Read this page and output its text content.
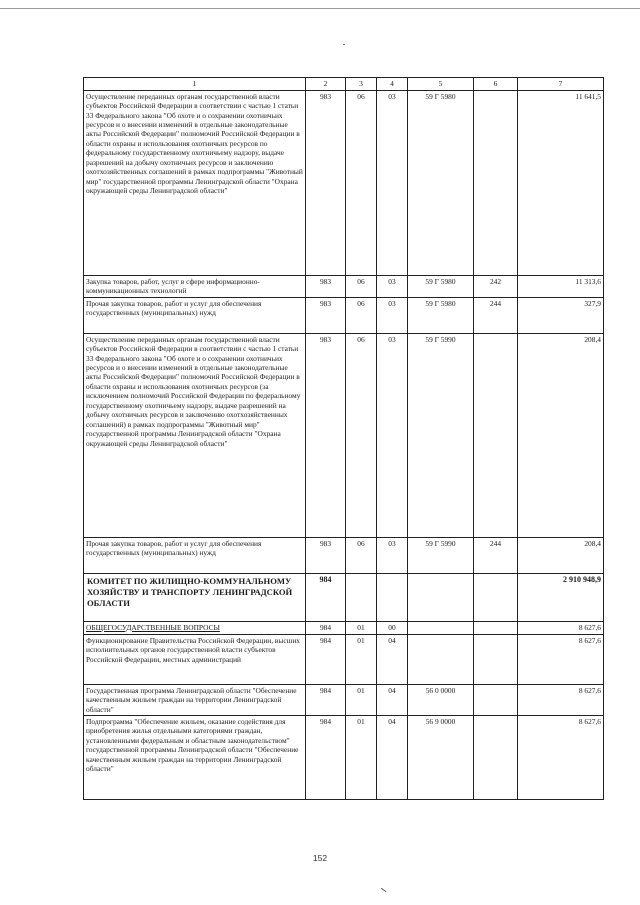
1	2	3	4	5	6	7
Осуществление переданных органам государственной власти субъектов Российской Федерации в соответствии с частью 1 статьи 33 Федерального закона "Об охоте и о сохранении охотничьих ресурсов и о внесении изменений в отдельные законодательные акты Российской Федерации" полномочий Российской Федерации в области охраны и использования охотничьих ресурсов по федеральному государственному охотничьему надзору, выдаче разрешений на добычу охотничьих ресурсов и заключению охотхозяйственных соглашений в рамках подпрограммы "Животный мир" государственной программы Ленинградской области "Охрана окружающей среды Ленинградской области"	983	06	03	59 Г 5980		11 641,5
Закупка товаров, работ, услуг в сфере информационно-коммуникационных технологий	983	06	03	59 Г 5980	242	11 313,6
Прочая закупка товаров, работ и услуг для обеспечения государственных (муниципальных) нужд	983	06	03	59 Г 5980	244	327,9
Осуществление переданных органам государственной власти субъектов Российской Федерации в соответствии с частью 1 статьи 33 Федерального закона "Об охоте и о сохранении охотничьих ресурсов и о внесении изменений в отдельные законодательные акты Российской Федерации" полномочий Российской Федерации в области охраны и использования охотничьих ресурсов (за исключением полномочий Российской Федерации по федеральному государственному охотничьему надзору, выдаче разрешений на добычу охотничьих ресурсов и заключению охотхозяйственных соглашений) в рамках подпрограммы "Животный мир" государственной программы Ленинградской области "Охрана окружающей среды Ленинградской области"	983	06	03	59 Г 5990		208,4
Прочая закупка товаров, работ и услуг для обеспечения государственных (муниципальных) нужд	983	06	03	59 Г 5990	244	208,4
КОМИТЕТ ПО ЖИЛИЩНО-КОММУНАЛЬНОМУ ХОЗЯЙСТВУ И ТРАНСПОРТУ ЛЕНИНГРАДСКОЙ ОБЛАСТИ	984					2 910 948,9
ОБЩЕГОСУДАРСТВЕННЫЕ ВОПРОСЫ	984	01	00			8 627,6
Функционирование Правительства Российской Федерации, высших исполнительных органов государственной власти субъектов Российской Федерации, местных администраций	984	01	04			8 627,6
Государственная программа Ленинградской области "Обеспечение качественным жильем граждан на территории Ленинградской области"	984	01	04	56 0 0000		8 627,6
Подпрограмма "Обеспечение жильем, оказание содействия для приобретения жилья отдельными категориями граждан, установленными федеральным и областным законодательством" государственной программы Ленинградской области "Обеспечение качественным жильем граждан на территории Ленинградской области"	984	01	04	56 9 0000		8 627,6
152
